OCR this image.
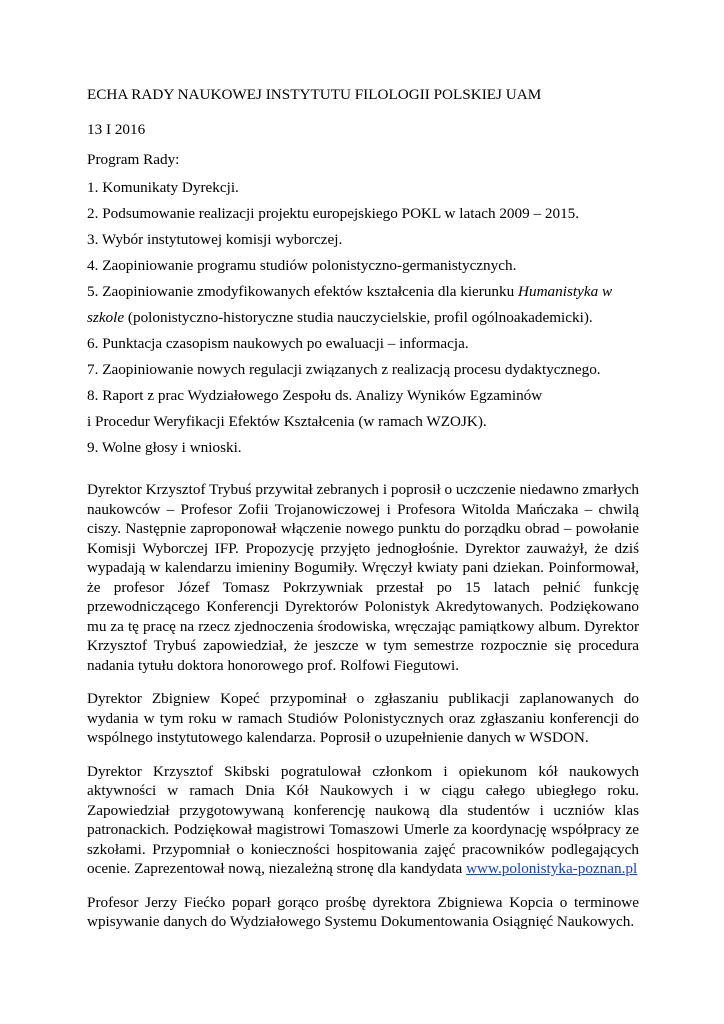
ECHA RADY NAUKOWEJ INSTYTUTU FILOLOGII POLSKIEJ UAM

13 I 2016

Program Rady:

1. Komunikaty Dyrekcji.
2. Podsumowanie realizacji projektu europejskiego POKL w latach 2009 – 2015.
3. Wybór instytutowej komisji wyborczej.
4. Zaopiniowanie programu studiów polonistyczno-germanistycznych.
5. Zaopiniowanie zmodyfikowanych efektów kształcenia dla kierunku Humanistyka w
szkole (polonistyczno-historyczne studia nauczycielskie, profil ogólnoakademicki).
6. Punktacja czasopism naukowych po ewaluacji – informacja.
7. Zaopiniowanie nowych regulacji związanych z realizacją procesu dydaktycznego.
8. Raport z prac Wydziałowego Zespołu ds. Analizy Wyników Egzaminów
i Procedur Weryfikacji Efektów Kształcenia (w ramach WZOJK).
9. Wolne głosy i wnioski.

Dyrektor Krzysztof Trybuś przywitał zebranych i poprosił o uczczenie niedawno zmarłych naukowców – Profesor Zofii Trojanowiczowej i Profesora Witolda Mańczaka – chwilą ciszy. Następnie zaproponował włączenie nowego punktu do porządku obrad – powołanie Komisji Wyborczej IFP. Propozycję przyjęto jednogłośnie. Dyrektor zauważył, że dziś wypadają w kalendarzu imieniny Bogumiły. Wręczył kwiaty pani dziekan. Poinformował, że profesor Józef Tomasz Pokrzywniak przestał po 15 latach pełnić funkcję przewodniczącego Konferencji Dyrektorów Polonistyk Akredytowanych. Podziękowano mu za tę pracę na rzecz zjednoczenia środowiska, wręczając pamiątkowy album. Dyrektor Krzysztof Trybuś zapowiedział, że jeszcze w tym semestrze rozpocznie się procedura nadania tytułu doktora honorowego prof. Rolfowi Fiegutowi.

Dyrektor Zbigniew Kopeć przypominał o zgłaszaniu publikacji zaplanowanych do wydania w tym roku w ramach Studiów Polonistycznych oraz zgłaszaniu konferencji do wspólnego instytutowego kalendarza. Poprosił o uzupełnienie danych w WSDON.

Dyrektor Krzysztof Skibski pogratulował członkom i opiekunom kół naukowych aktywności w ramach Dnia Kół Naukowych i w ciągu całego ubiegłego roku. Zapowiedział przygotowywaną konferencję naukową dla studentów i uczniów klas patronackich. Podziękował magistrowi Tomaszowi Umerle za koordynację współpracy ze szkołami. Przypomniał o konieczności hospitowania zajęć pracowników podlegających ocenie. Zaprezentował nową, niezależną stronę dla kandydata www.polonistyka-poznan.pl

Profesor Jerzy Fiećko poparł gorąco prośbę dyrektora Zbigniewa Kopcia o terminowe wpisywanie danych do Wydziałowego Systemu Dokumentowania Osiągnięć Naukowych.
